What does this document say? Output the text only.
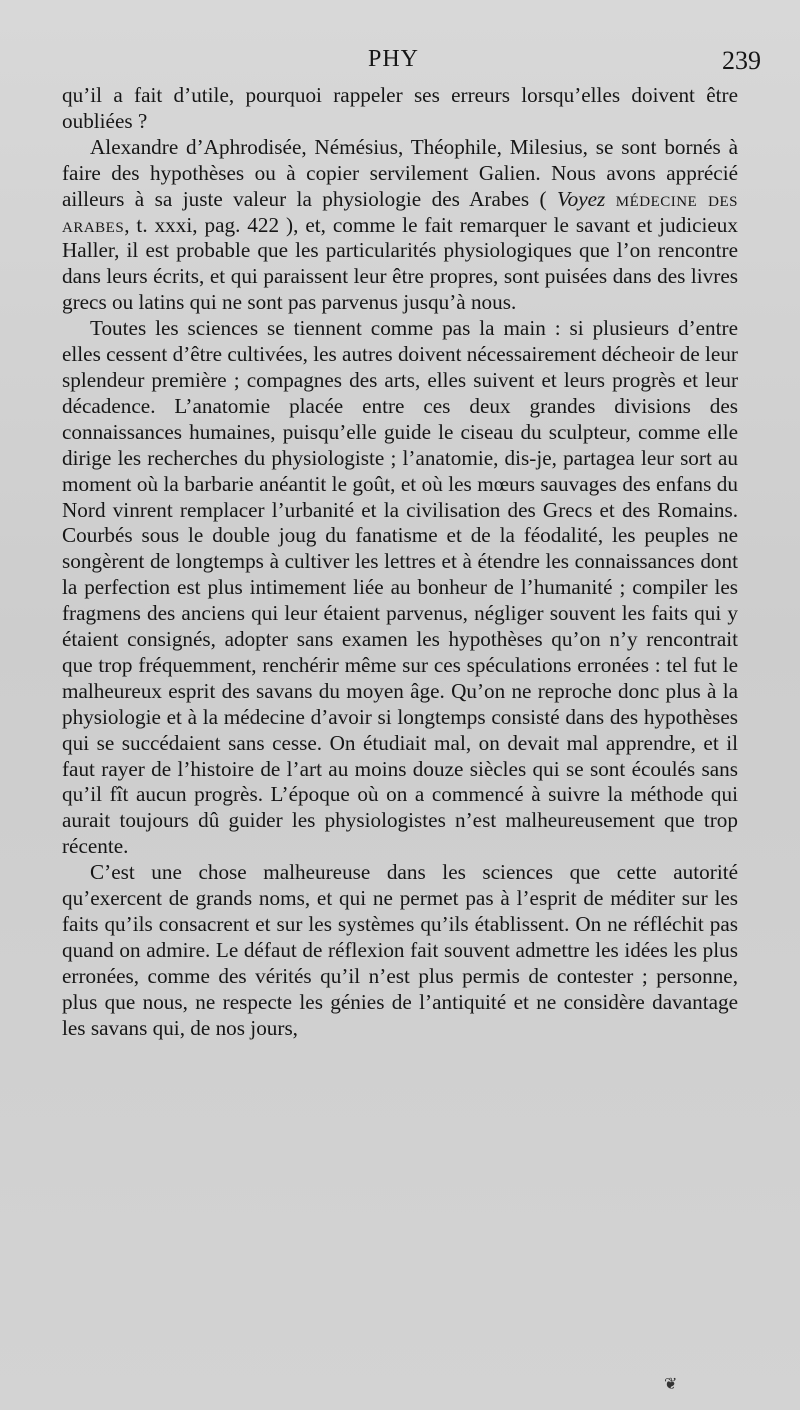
PHY	239

qu’il a fait d’utile, pourquoi rappeler ses erreurs lorsqu’elles doivent être oubliées ?

Alexandre d’Aphrodisée, Némésius, Théophile, Milesius, se sont bornés à faire des hypothèses ou à copier servilement Galien. Nous avons apprécié ailleurs à sa juste valeur la physiologie des Arabes ( Voyez médecine des arabes, t. xxxi, pag. 422 ), et, comme le fait remarquer le savant et judicieux Haller, il est probable que les particularités physiologiques que l’on rencontre dans leurs écrits, et qui paraissent leur être propres, sont puisées dans des livres grecs ou latins qui ne sont pas parvenus jusqu’à nous.

Toutes les sciences se tiennent comme pas la main : si plusieurs d’entre elles cessent d’être cultivées, les autres doivent nécessairement décheoir de leur splendeur première ; compagnes des arts, elles suivent et leurs progrès et leur décadence. L’anatomie placée entre ces deux grandes divisions des connaissances humaines, puisqu’elle guide le ciseau du sculpteur, comme elle dirige les recherches du physiologiste ; l’anatomie, dis-je, partagea leur sort au moment où la barbarie anéantit le goût, et où les mœurs sauvages des enfans du Nord vinrent remplacer l’urbanité et la civilisation des Grecs et des Romains. Courbés sous le double joug du fanatisme et de la féodalité, les peuples ne songèrent de longtemps à cultiver les lettres et à étendre les connaissances dont la perfection est plus intimement liée au bonheur de l’humanité ; compiler les fragmens des anciens qui leur étaient parvenus, négliger souvent les faits qui y étaient consignés, adopter sans examen les hypothèses qu’on n’y rencontrait que trop fréquemment, renchérir même sur ces spéculations erronées : tel fut le malheureux esprit des savans du moyen âge. Qu’on ne reproche donc plus à la physiologie et à la médecine d’avoir si longtemps consisté dans des hypothèses qui se succédaient sans cesse. On étudiait mal, on devait mal apprendre, et il faut rayer de l’histoire de l’art au moins douze siècles qui se sont écoulés sans qu’il fît aucun progrès. L’époque où on a commencé à suivre la méthode qui aurait toujours dû guider les physiologistes n’est malheureusement que trop récente.

C’est une chose malheureuse dans les sciences que cette autorité qu’exercent de grands noms, et qui ne permet pas à l’esprit de méditer sur les faits qu’ils consacrent et sur les systèmes qu’ils établissent. On ne réfléchit pas quand on admire. Le défaut de réflexion fait souvent admettre les idées les plus erronées, comme des vérités qu’il n’est plus permis de contester ; personne, plus que nous, ne respecte les génies de l’antiquité et ne considère davantage les savans qui, de nos jours,

❦
